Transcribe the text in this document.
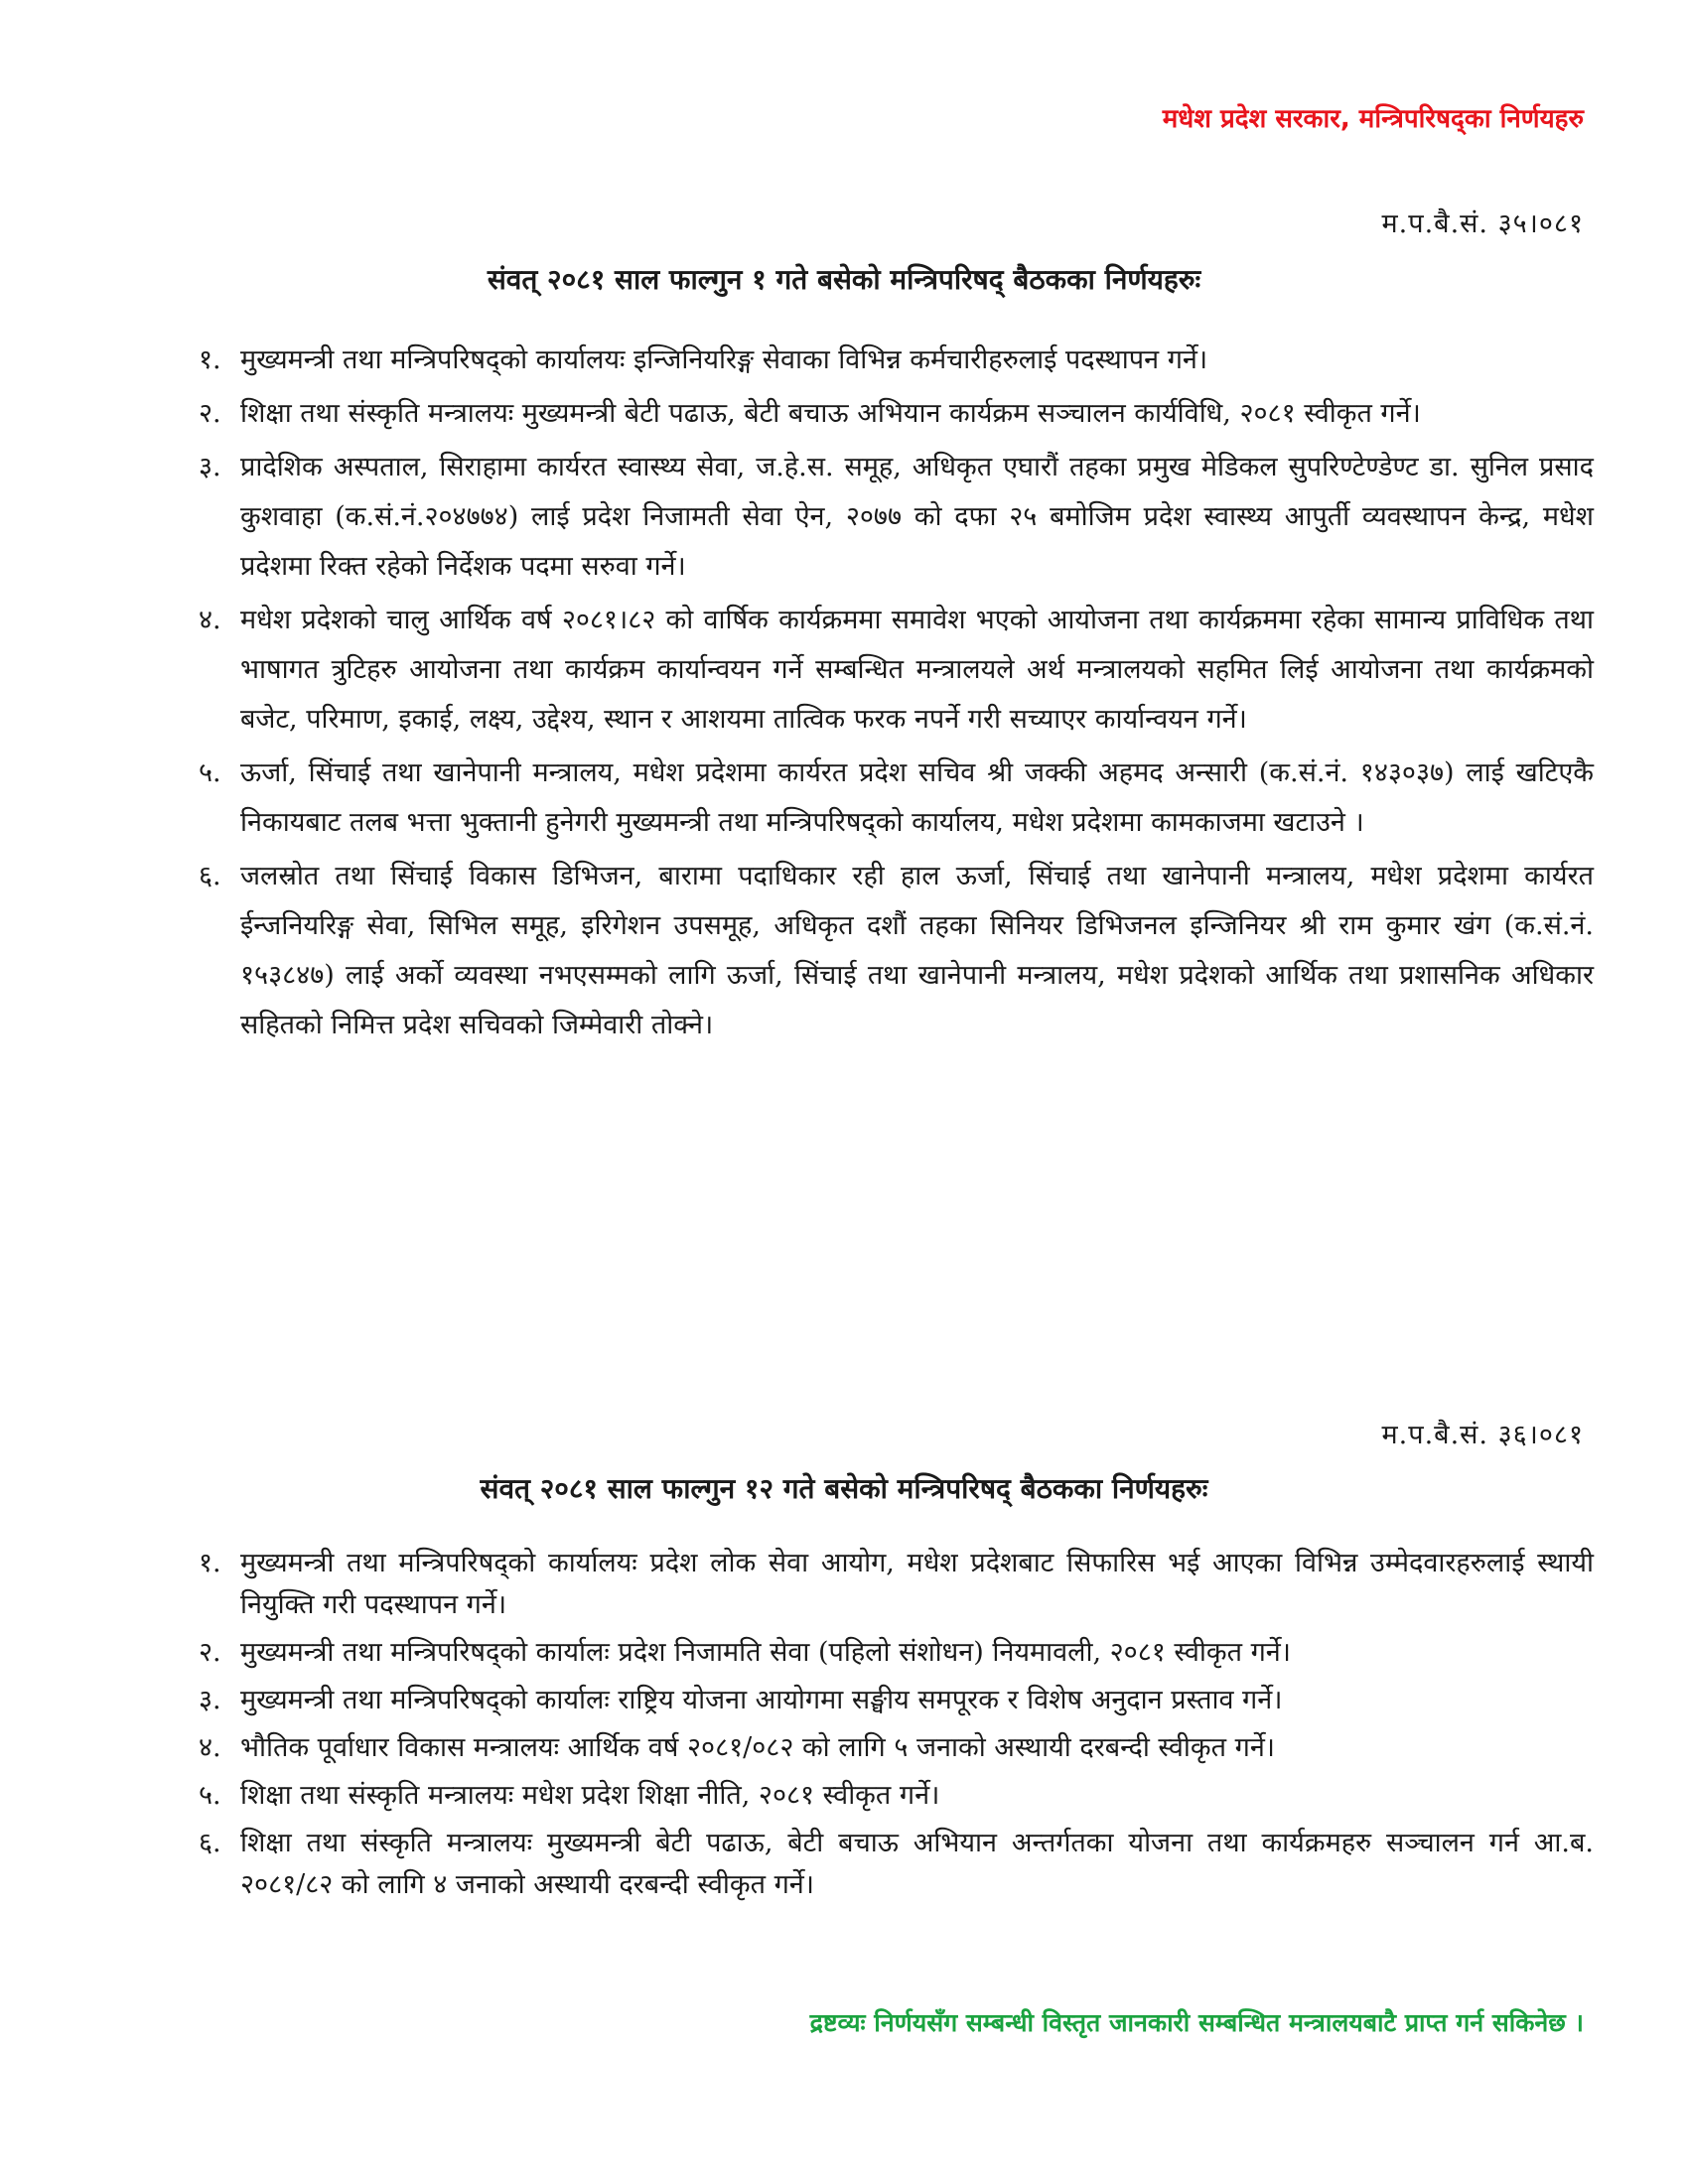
मधेश प्रदेश सरकार, मन्त्रिपरिषद्का निर्णयहरु
म.प.बै.सं. ३५।०८१
संवत् २०८१ साल फाल्गुन १ गते बसेको मन्त्रिपरिषद् बैठकका निर्णयहरुः
१. मुख्यमन्त्री तथा मन्त्रिपरिषद्को कार्यालयः इन्जिनियरिङ्ग सेवाका विभिन्न कर्मचारीहरुलाई पदस्थापन गर्ने।
२. शिक्षा तथा संस्कृति मन्त्रालयः मुख्यमन्त्री बेटी पढाऊ, बेटी बचाऊ अभियान कार्यक्रम सञ्चालन कार्यविधि, २०८१ स्वीकृत गर्ने।
३. प्रादेशिक अस्पताल, सिराहामा कार्यरत स्वास्थ्य सेवा, ज.हे.स. समूह, अधिकृत एघारौं तहका प्रमुख मेडिकल सुपरिण्टेण्डेण्ट डा. सुनिल प्रसाद कुशवाहा (क.सं.नं.२०४७७४) लाई प्रदेश निजामती सेवा ऐन, २०७७ को दफा २५ बमोजिम प्रदेश स्वास्थ्य आपुर्ती व्यवस्थापन केन्द्र, मधेश प्रदेशमा रिक्त रहेको निर्देशक पदमा सरुवा गर्ने।
४. मधेश प्रदेशको चालु आर्थिक वर्ष २०८१।८२ को वार्षिक कार्यक्रममा समावेश भएको आयोजना तथा कार्यक्रममा रहेका सामान्य प्राविधिक तथा भाषागत त्रुटिहरु आयोजना तथा कार्यक्रम कार्यान्वयन गर्ने सम्बन्धित मन्त्रालयले अर्थ मन्त्रालयको सहमित लिई आयोजना तथा कार्यक्रमको बजेट, परिमाण, इकाई, लक्ष्य, उद्देश्य, स्थान र आशयमा तात्विक फरक नपर्ने गरी सच्याएर कार्यान्वयन गर्ने।
५. ऊर्जा, सिंचाई तथा खानेपानी मन्त्रालय, मधेश प्रदेशमा कार्यरत प्रदेश सचिव श्री जक्की अहमद अन्सारी (क.सं.नं. १४३०३७) लाई खटिएकै निकायबाट तलब भत्ता भुक्तानी हुनेगरी मुख्यमन्त्री तथा मन्त्रिपरिषद्को कार्यालय, मधेश प्रदेशमा कामकाजमा खटाउने ।
६. जलस्रोत तथा सिंचाई विकास डिभिजन, बारामा पदाधिकार रही हाल ऊर्जा, सिंचाई तथा खानेपानी मन्त्रालय, मधेश प्रदेशमा कार्यरत ईन्जनियरिङ्ग सेवा, सिभिल समूह, इरिगेशन उपसमूह, अधिकृत दशौं तहका सिनियर डिभिजनल इन्जिनियर श्री राम कुमार खंग (क.सं.नं. १५३८४७) लाई अर्को व्यवस्था नभएसम्मको लागि ऊर्जा, सिंचाई तथा खानेपानी मन्त्रालय, मधेश प्रदेशको आर्थिक तथा प्रशासनिक अधिकार सहितको निमित्त प्रदेश सचिवको जिम्मेवारी तोक्ने।
म.प.बै.सं. ३६।०८१
संवत् २०८१ साल फाल्गुन १२ गते बसेको मन्त्रिपरिषद् बैठकका निर्णयहरुः
१. मुख्यमन्त्री तथा मन्त्रिपरिषद्को कार्यालयः प्रदेश लोक सेवा आयोग, मधेश प्रदेशबाट सिफारिस भई आएका विभिन्न उम्मेदवारहरुलाई स्थायी नियुक्ति गरी पदस्थापन गर्ने।
२. मुख्यमन्त्री तथा मन्त्रिपरिषद्को कार्यालः प्रदेश निजामति सेवा (पहिलो संशोधन) नियमावली, २०८१ स्वीकृत गर्ने।
३. मुख्यमन्त्री तथा मन्त्रिपरिषद्को कार्यालः राष्ट्रिय योजना आयोगमा सङ्घीय समपूरक र विशेष अनुदान प्रस्ताव गर्ने।
४. भौतिक पूर्वाधार विकास मन्त्रालयः आर्थिक वर्ष २०८१/०८२ को लागि ५ जनाको अस्थायी दरबन्दी स्वीकृत गर्ने।
५. शिक्षा तथा संस्कृति मन्त्रालयः मधेश प्रदेश शिक्षा नीति, २०८१ स्वीकृत गर्ने।
६. शिक्षा तथा संस्कृति मन्त्रालयः मुख्यमन्त्री बेटी पढाऊ, बेटी बचाऊ अभियान अन्तर्गतका योजना तथा कार्यक्रमहरु सञ्चालन गर्न आ.ब. २०८१/८२ को लागि ४ जनाको अस्थायी दरबन्दी स्वीकृत गर्ने।
द्रष्टव्यः निर्णयसँग सम्बन्धी विस्तृत जानकारी सम्बन्धित मन्त्रालयबाटै प्राप्त गर्न सकिनेछ ।
